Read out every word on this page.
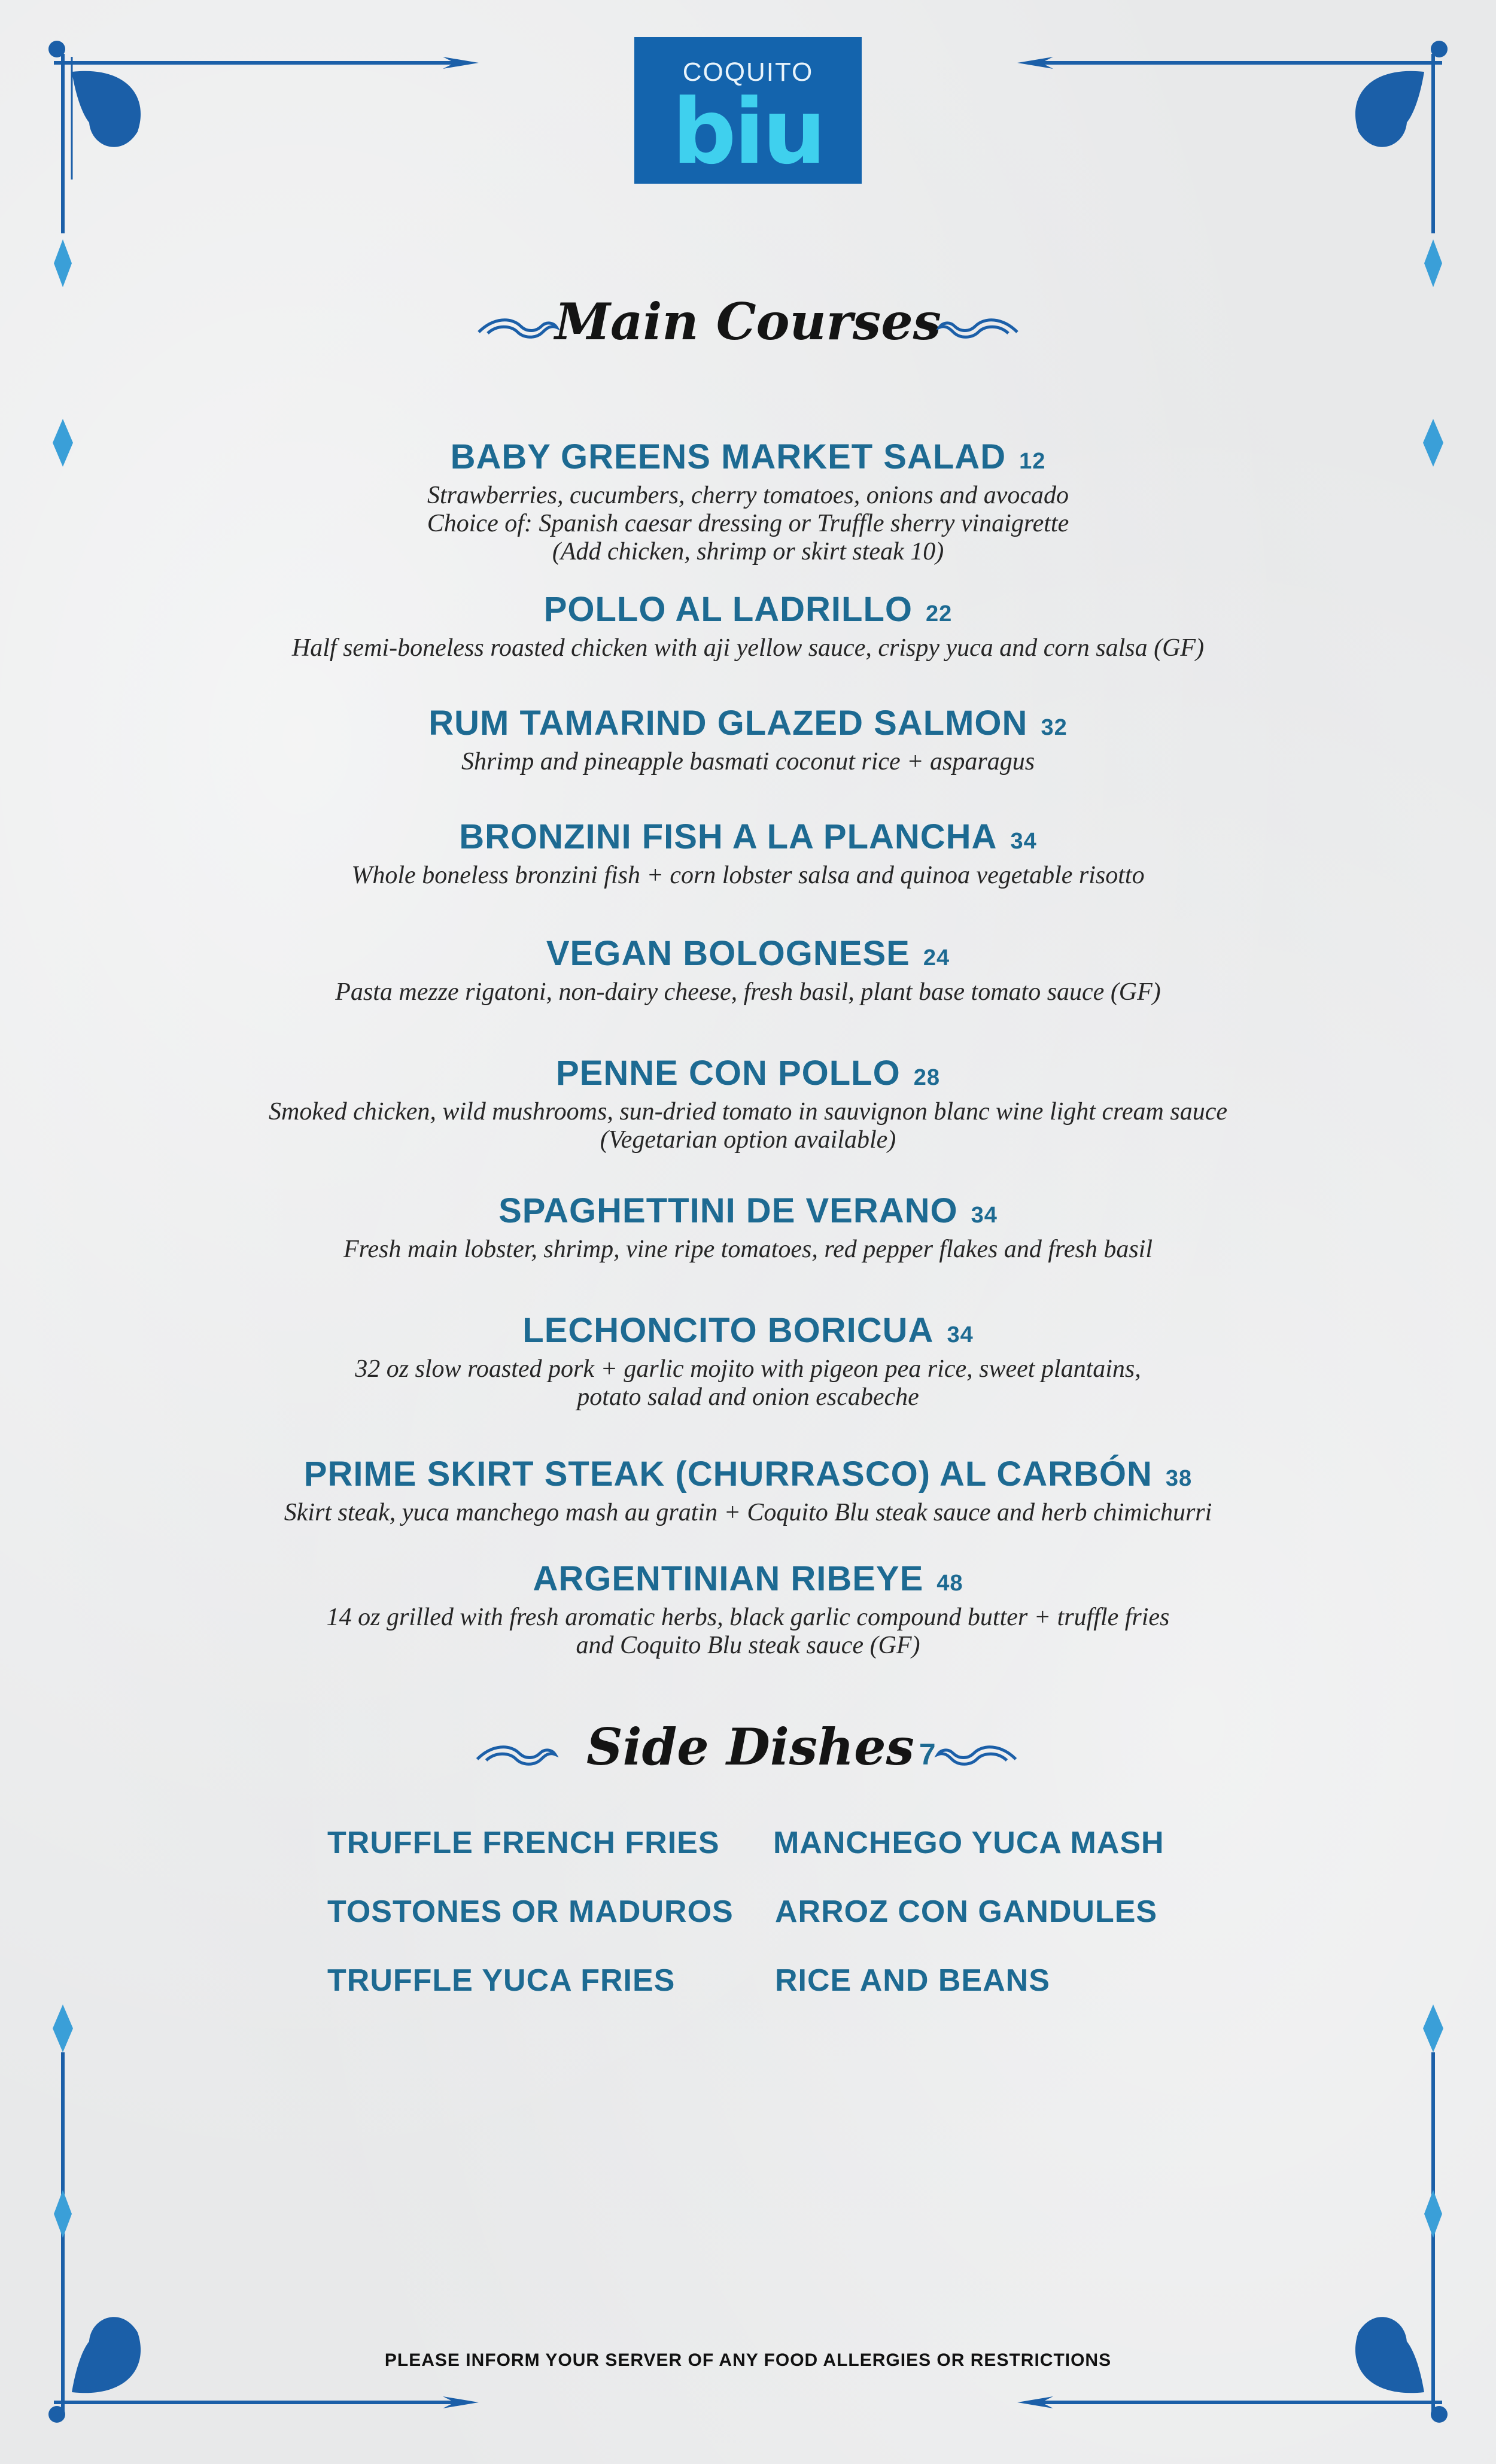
COQUITO
biu
Main Courses
BABY GREENS MARKET SALAD 12
Strawberries, cucumbers, cherry tomatoes, onions and avocado
Choice of: Spanish caesar dressing or Truffle sherry vinaigrette
(Add chicken, shrimp or skirt steak 10)
POLLO AL LADRILLO 22
Half semi-boneless roasted chicken with aji yellow sauce, crispy yuca and corn salsa (GF)
RUM TAMARIND GLAZED SALMON 32
Shrimp and pineapple basmati coconut rice + asparagus
BRONZINI FISH A LA PLANCHA 34
Whole boneless bronzini fish + corn lobster salsa and quinoa vegetable risotto
VEGAN BOLOGNESE 24
Pasta mezze rigatoni, non-dairy cheese, fresh basil, plant base tomato sauce (GF)
PENNE CON POLLO 28
Smoked chicken, wild mushrooms, sun-dried tomato in sauvignon blanc wine light cream sauce
(Vegetarian option available)
SPAGHETTINI DE VERANO 34
Fresh main lobster, shrimp, vine ripe tomatoes, red pepper flakes and fresh basil
LECHONCITO BORICUA 34
32 oz slow roasted pork + garlic mojito with pigeon pea rice, sweet plantains,
potato salad and onion escabeche
PRIME SKIRT STEAK (CHURRASCO) AL CARBÓN 38
Skirt steak, yuca manchego mash au gratin + Coquito Blu steak sauce and herb chimichurri
ARGENTINIAN RIBEYE 48
14 oz grilled with fresh aromatic herbs, black garlic compound butter + truffle fries
and Coquito Blu steak sauce (GF)
Side Dishes 7
TRUFFLE FRENCH FRIES MANCHEGO YUCA MASH
TOSTONES OR MADUROS ARROZ CON GANDULES
TRUFFLE YUCA FRIES	RICE AND BEANS
PLEASE INFORM YOUR SERVER OF ANY FOOD ALLERGIES OR RESTRICTIONS
